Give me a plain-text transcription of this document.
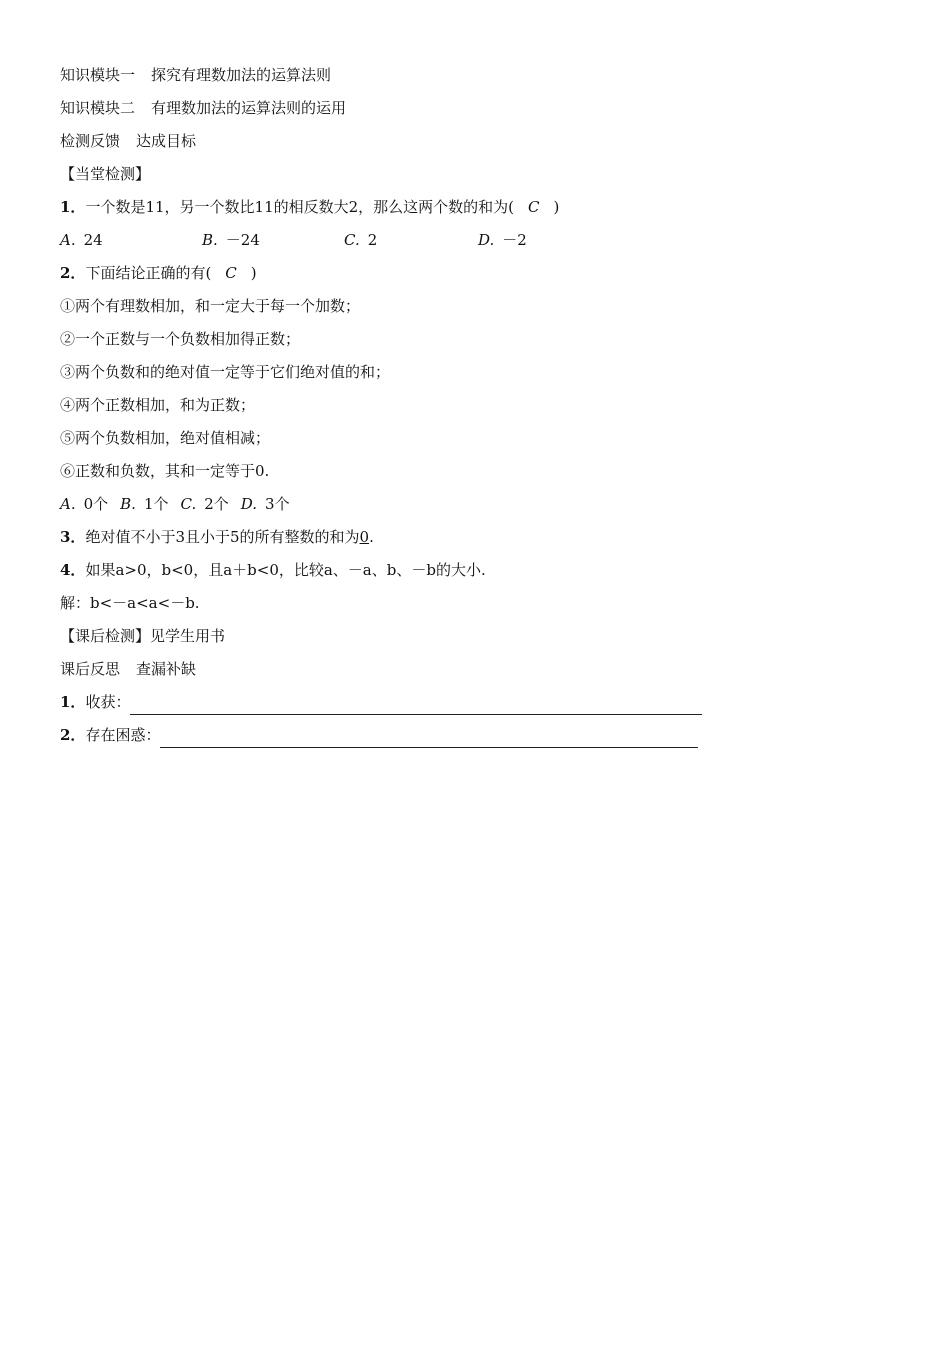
知识模块一 探究有理数加法的运算法则
知识模块二 有理数加法的运算法则的运用
检测反馈 达成目标
【当堂检测】
1．一个数是11，另一个数比11的相反数大2，那么这两个数的和为( C )
A. 24	B. －24	C. 2	D. －2
2．下面结论正确的有( C )
①两个有理数相加，和一定大于每一个加数；
②一个正数与一个负数相加得正数；
③两个负数和的绝对值一定等于它们绝对值的和；
④两个正数相加，和为正数；
⑤两个负数相加，绝对值相减；
⑥正数和负数，其和一定等于0.
A. 0个 B. 1个 C. 2个 D. 3个
3．绝对值不小于3且小于5的所有整数的和为0.
4．如果a>0，b<0，且a＋b<0，比较a、－a、b、－b的大小.
解：b<－a<a<－b.
【课后检测】见学生用书
课后反思 查漏补缺
1．收获：
2．存在困惑：
